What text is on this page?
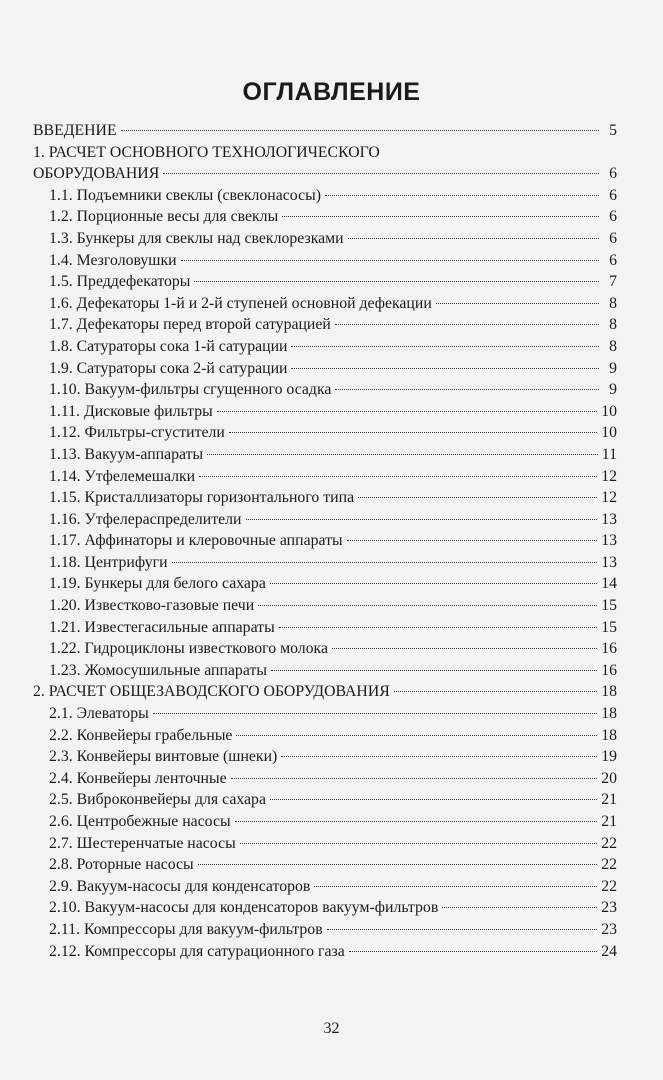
ОГЛАВЛЕНИЕ
ВВЕДЕНИЕ	5
1. РАСЧЕТ ОСНОВНОГО ТЕХНОЛОГИЧЕСКОГО
ОБОРУДОВАНИЯ	6
1.1. Подъемники свеклы (свеклонасосы)	6
1.2. Порционные весы для свеклы	6
1.3. Бункеры для свеклы над свеклорезками	6
1.4. Мезголовушки	6
1.5. Преддефекаторы	7
1.6. Дефекаторы 1-й и 2-й ступеней основной дефекации	8
1.7. Дефекаторы перед второй сатурацией	8
1.8. Сатураторы сока 1-й сатурации	8
1.9. Сатураторы сока 2-й сатурации	9
1.10. Вакуум-фильтры сгущенного осадка	9
1.11. Дисковые фильтры	10
1.12. Фильтры-сгустители	10
1.13. Вакуум-аппараты	11
1.14. Утфелемешалки	12
1.15. Кристаллизаторы горизонтального типа	12
1.16. Утфелераспределители	13
1.17. Аффинаторы и клеровочные аппараты	13
1.18. Центрифуги	13
1.19. Бункеры для белого сахара	14
1.20. Известково-газовые печи	15
1.21. Известегасильные аппараты	15
1.22. Гидроциклоны известкового молока	16
1.23. Жомосушильные аппараты	16
2. РАСЧЕТ ОБЩЕЗАВОДСКОГО ОБОРУДОВАНИЯ	18
2.1. Элеваторы	18
2.2. Конвейеры грабельные	18
2.3. Конвейеры винтовые (шнеки)	19
2.4. Конвейеры ленточные	20
2.5. Виброконвейеры для сахара	21
2.6. Центробежные насосы	21
2.7. Шестеренчатые насосы	22
2.8. Роторные насосы	22
2.9. Вакуум-насосы для конденсаторов	22
2.10. Вакуум-насосы для конденсаторов вакуум-фильтров	23
2.11. Компрессоры для вакуум-фильтров	23
2.12. Компрессоры для сатурационного газа	24
32
